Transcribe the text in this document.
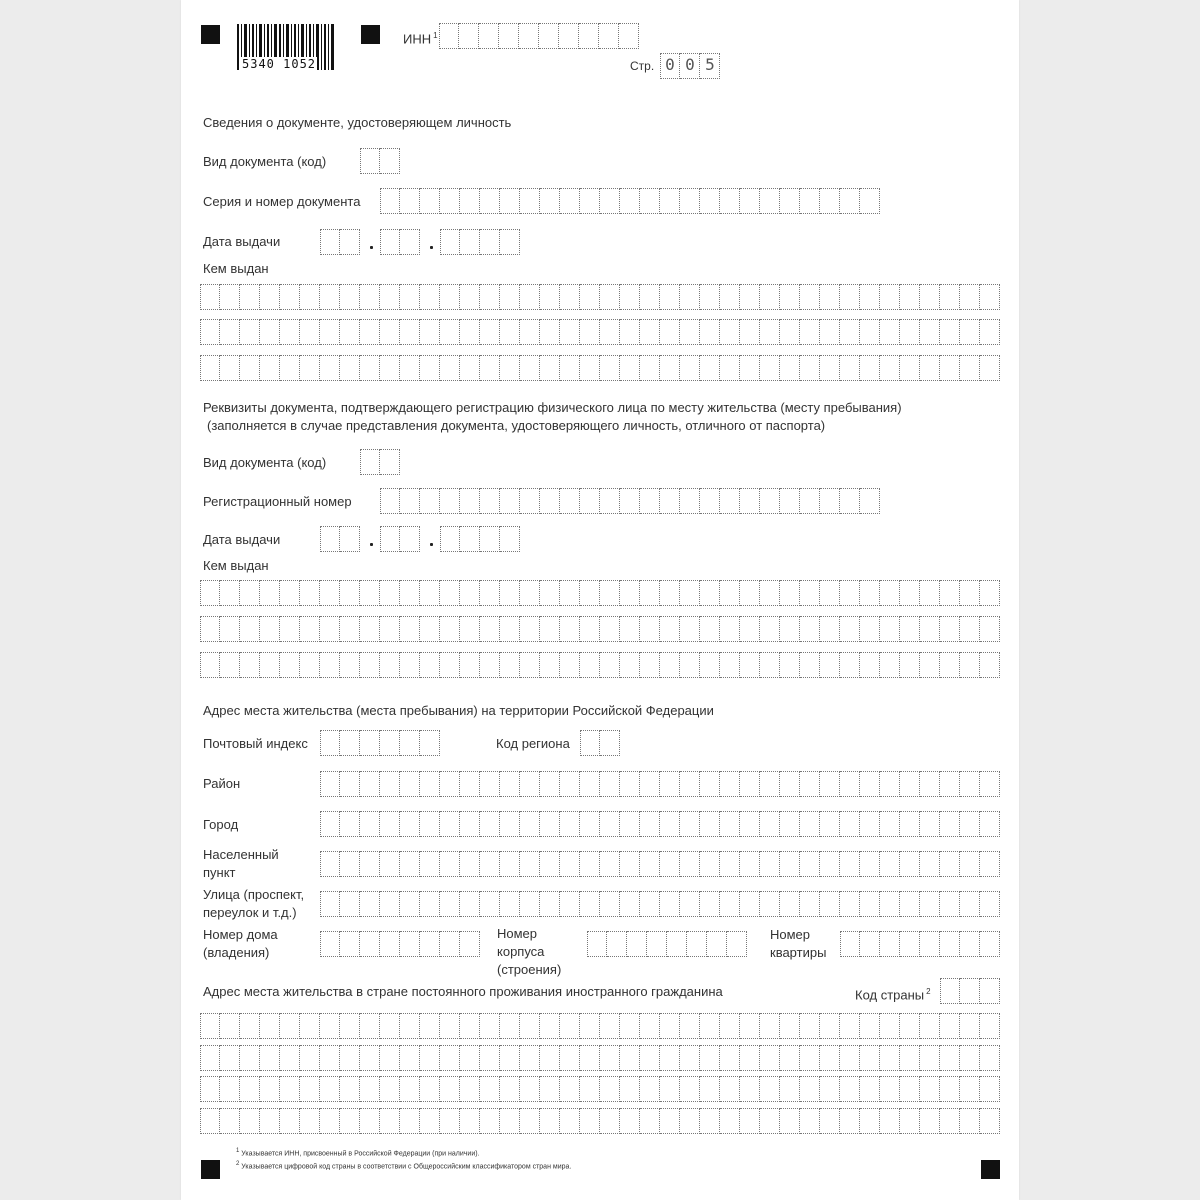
5340 1052
ИНН $^1$
Стр. 0 0 5
Сведения о документе, удостоверяющем личность
Вид документа (код)
Серия и номер документа
Дата выдачи
Кем выдан
Реквизиты документа, подтверждающего регистрацию физического лица по месту жительства (месту пребывания)
(заполняется в случае представления документа, удостоверяющего личность, отличного от паспорта)
Вид документа (код)
Регистрационный номер
Дата выдачи
Кем выдан
Адрес места жительства (места пребывания) на территории Российской Федерации
Почтовый индекс	Код региона
Район
Город
Населенный
пункт
Улица (проспект,
переулок и т.д.)
Номер дома
(владения)
Номер
корпуса
(строения)
Номер
квартиры
Адрес места жительства в стране постоянного проживания иностранного гражданина	Код страны $^2$
1 Указывается ИНН, присвоенный в Российской Федерации (при наличии).
2 Указывается цифровой код страны в соответствии с Общероссийским классификатором стран мира.
